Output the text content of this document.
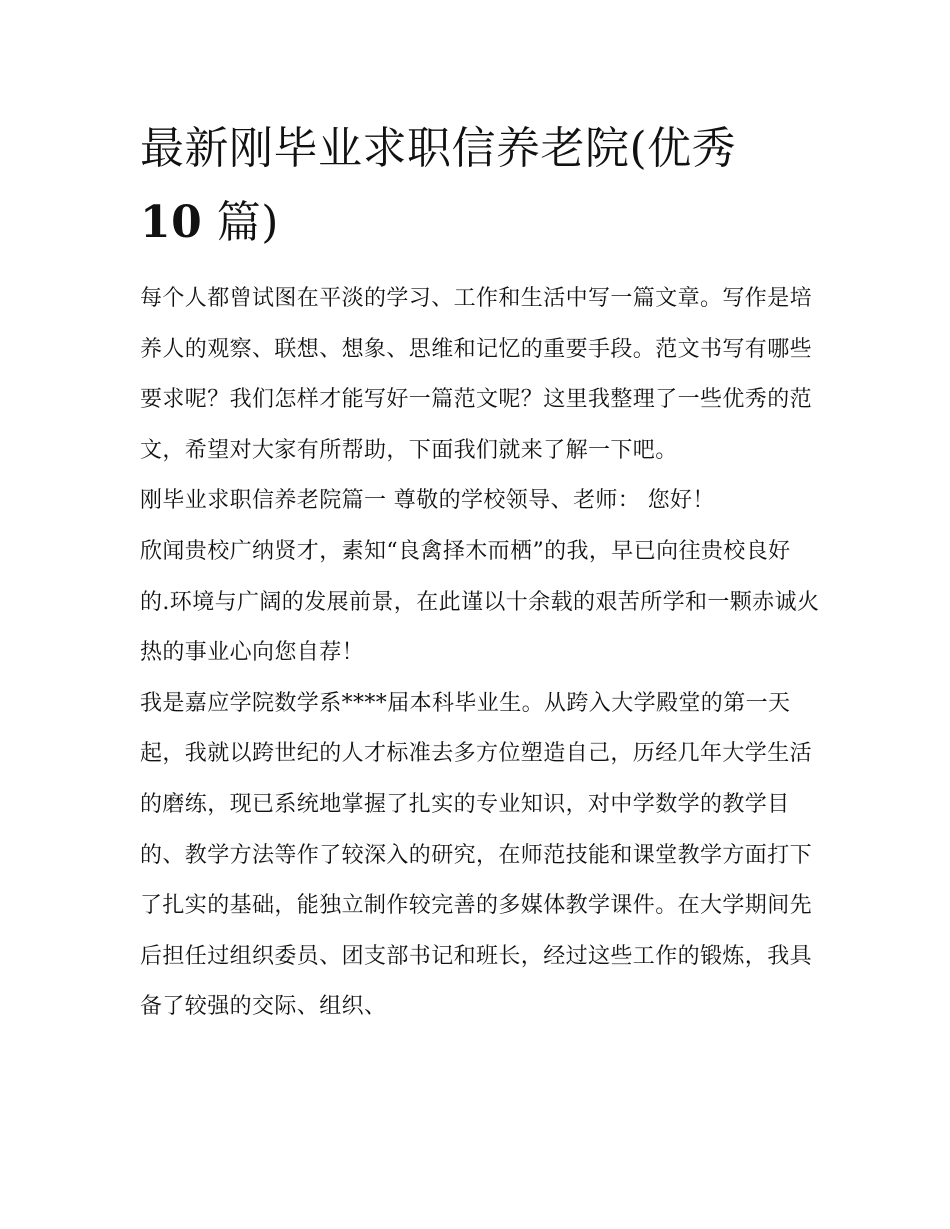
最新刚毕业求职信养老院(优秀
10 篇)

每个人都曾试图在平淡的学习、工作和生活中写一篇文章。写作是培养人的观察、联想、想象、思维和记忆的重要手段。范文书写有哪些要求呢？我们怎样才能写好一篇范文呢？这里我整理了一些优秀的范文，希望对大家有所帮助，下面我们就来了解一下吧。

刚毕业求职信养老院篇一 尊敬的学校领导、老师： 您好！

欣闻贵校广纳贤才，素知“良禽择木而栖”的我，早已向往贵校良好的.环境与广阔的发展前景，在此谨以十余载的艰苦所学和一颗赤诚火热的事业心向您自荐！

我是嘉应学院数学系****届本科毕业生。从跨入大学殿堂的第一天起，我就以跨世纪的人才标准去多方位塑造自己，历经几年大学生活的磨练，现已系统地掌握了扎实的专业知识，对中学数学的教学目的、教学方法等作了较深入的研究，在师范技能和课堂教学方面打下了扎实的基础，能独立制作较完善的多媒体教学课件。在大学期间先后担任过组织委员、团支部书记和班长，经过这些工作的锻炼，我具备了较强的交际、组织、
